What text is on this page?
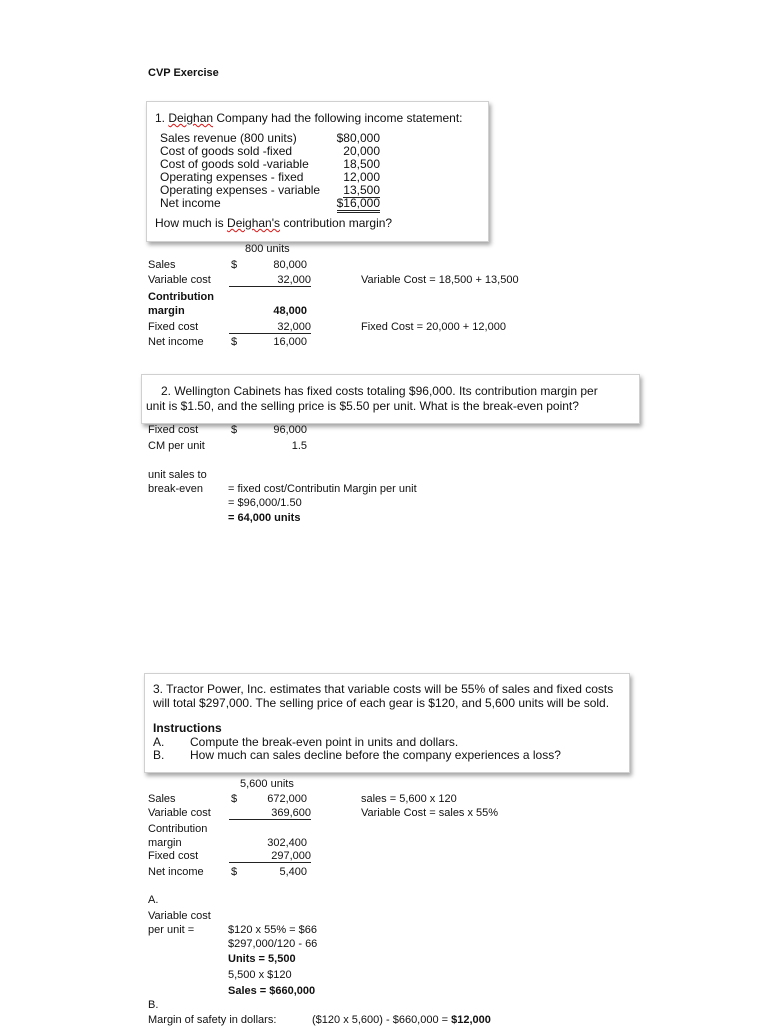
CVP Exercise
1. Deighan Company had the following income statement:
Sales revenue (800 units)	$80,000
Cost of goods sold -fixed	20,000
Cost of goods sold -variable	18,500
Operating expenses - fixed	12,000
Operating expenses - variable	13,500
Net income	$16,000
How much is Deighan's contribution margin?
800 units
Sales	$	80,000
Variable cost	32,000	Variable Cost = 18,500 + 13,500
Contribution
margin	48,000
Fixed cost	32,000	Fixed Cost = 20,000 + 12,000
Net income $	16,000
2. Wellington Cabinets has fixed costs totaling $96,000. Its contribution margin per
unit is $1.50, and the selling price is $5.50 per unit. What is the break-even point?
Fixed cost	$	96,000
CM per unit	1.5
unit sales to
break-even = fixed cost/Contributin Margin per unit
= $96,000/1.50
= 64,000 units
3. Tractor Power, Inc. estimates that variable costs will be 55% of sales and fixed costs
will total $297,000. The selling price of each gear is $120, and 5,600 units will be sold.
Instructions
A. Compute the break-even point in units and dollars.
B. How much can sales decline before the company experiences a loss?
5,600 units
Sales	$	672,000	sales = 5,600 x 120
Variable cost	369,600	Variable Cost = sales x 55%
Contribution
margin	302,400
Fixed cost	297,000
Net income $	5,400
A.
Variable cost
per unit =	$120 x 55% = $66
$297,000/120 - 66
Units = 5,500
5,500 x $120
Sales = $660,000
B.
Margin of safety in dollars:	($120 x 5,600) - $660,000 = $12,000
